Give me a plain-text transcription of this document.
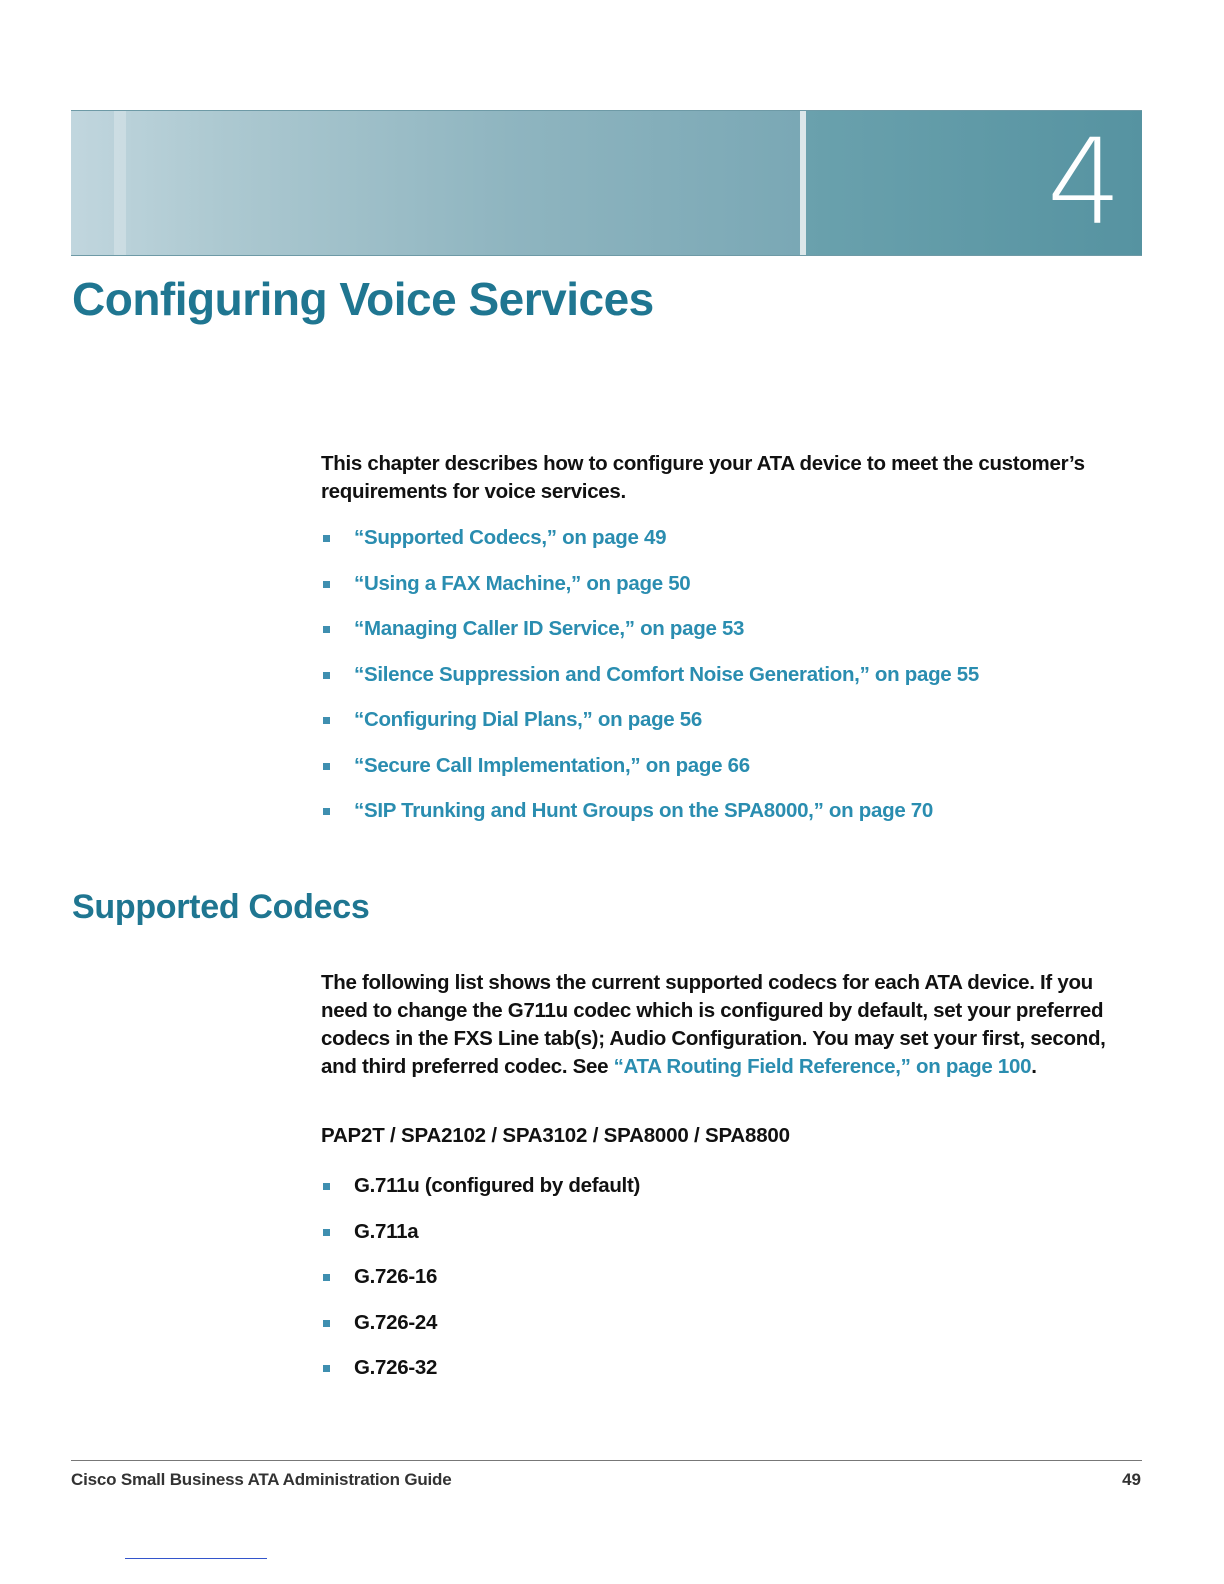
4
Configuring Voice Services

This chapter describes how to configure your ATA device to meet the customer’s requirements for voice services.

“Supported Codecs,” on page 49
“Using a FAX Machine,” on page 50
“Managing Caller ID Service,” on page 53
“Silence Suppression and Comfort Noise Generation,” on page 55
“Configuring Dial Plans,” on page 56
“Secure Call Implementation,” on page 66
“SIP Trunking and Hunt Groups on the SPA8000,” on page 70
Supported Codecs

The following list shows the current supported codecs for each ATA device. If you need to change the G711u codec which is configured by default, set your preferred codecs in the FXS Line tab(s); Audio Configuration. You may set your first, second, and third preferred codec. See “ATA Routing Field Reference,” on page 100.

PAP2T / SPA2102 / SPA3102 / SPA8000 / SPA8800

G.711u (configured by default)
G.711a
G.726-16
G.726-24
G.726-32
Cisco Small Business ATA Administration Guide	49
